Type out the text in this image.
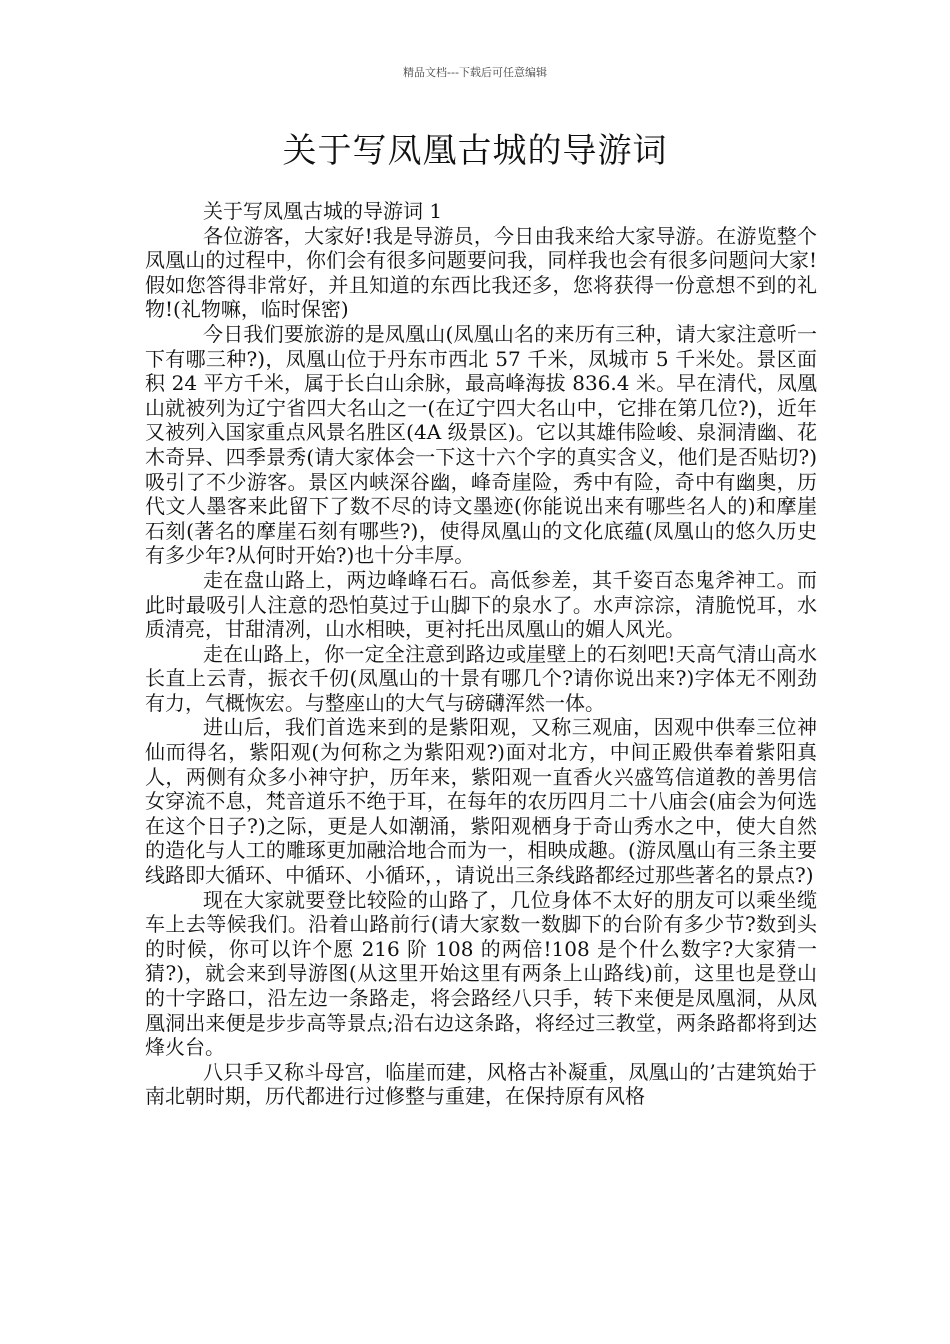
精品文档---下载后可任意编辑
关于写凤凰古城的导游词

关于写凤凰古城的导游词 1

各位游客，大家好!我是导游员，今日由我来给大家导游。在游览整个凤凰山的过程中，你们会有很多问题要问我，同样我也会有很多问题问大家!假如您答得非常好，并且知道的东西比我还多，您将获得一份意想不到的礼物!(礼物嘛，临时保密)

今日我们要旅游的是凤凰山(凤凰山名的来历有三种，请大家注意听一下有哪三种?)，凤凰山位于丹东市西北 57 千米，凤城市 5 千米处。景区面积 24 平方千米，属于长白山余脉，最高峰海拔 836.4 米。早在清代，凤凰山就被列为辽宁省四大名山之一(在辽宁四大名山中，它排在第几位?)，近年又被列入国家重点风景名胜区(4A 级景区)。它以其雄伟险峻、泉洞清幽、花木奇异、四季景秀(请大家体会一下这十六个字的真实含义，他们是否贴切?)吸引了不少游客。景区内峡深谷幽，峰奇崖险，秀中有险，奇中有幽奥，历代文人墨客来此留下了数不尽的诗文墨迹(你能说出来有哪些名人的)和摩崖石刻(著名的摩崖石刻有哪些?)，使得凤凰山的文化底蕴(凤凰山的悠久历史有多少年?从何时开始?)也十分丰厚。

走在盘山路上，两边峰峰石石。高低参差，其千姿百态鬼斧神工。而此时最吸引人注意的恐怕莫过于山脚下的泉水了。水声淙淙，清脆悦耳，水质清亮，甘甜清冽，山水相映，更衬托出凤凰山的媚人风光。

走在山路上，你一定全注意到路边或崖壁上的石刻吧!天高气清山高水长直上云青，振衣千仞(凤凰山的十景有哪几个?请你说出来?)字体无不刚劲有力，气概恢宏。与整座山的大气与磅礴浑然一体。

进山后，我们首选来到的是紫阳观，又称三观庙，因观中供奉三位神仙而得名，紫阳观(为何称之为紫阳观?)面对北方，中间正殿供奉着紫阳真人，两侧有众多小神守护，历年来，紫阳观一直香火兴盛笃信道教的善男信女穿流不息，梵音道乐不绝于耳，在每年的农历四月二十八庙会(庙会为何选在这个日子?)之际，更是人如潮涌，紫阳观栖身于奇山秀水之中，使大自然的造化与人工的雕琢更加融洽地合而为一，相映成趣。(游凤凰山有三条主要线路即大循环、中循环、小循环，，请说出三条线路都经过那些著名的景点?)

现在大家就要登比较险的山路了，几位身体不太好的朋友可以乘坐缆车上去等候我们。沿着山路前行(请大家数一数脚下的台阶有多少节?数到头的时候，你可以许个愿 216 阶 108 的两倍!108 是个什么数字?大家猜一猜?)，就会来到导游图(从这里开始这里有两条上山路线)前，这里也是登山的十字路口，沿左边一条路走，将会路经八只手，转下来便是凤凰洞，从凤凰洞出来便是步步高等景点;沿右边这条路，将经过三教堂，两条路都将到达烽火台。

八只手又称斗母宫，临崖而建，风格古补凝重，凤凰山的’古建筑始于南北朝时期，历代都进行过修整与重建，在保持原有风格
